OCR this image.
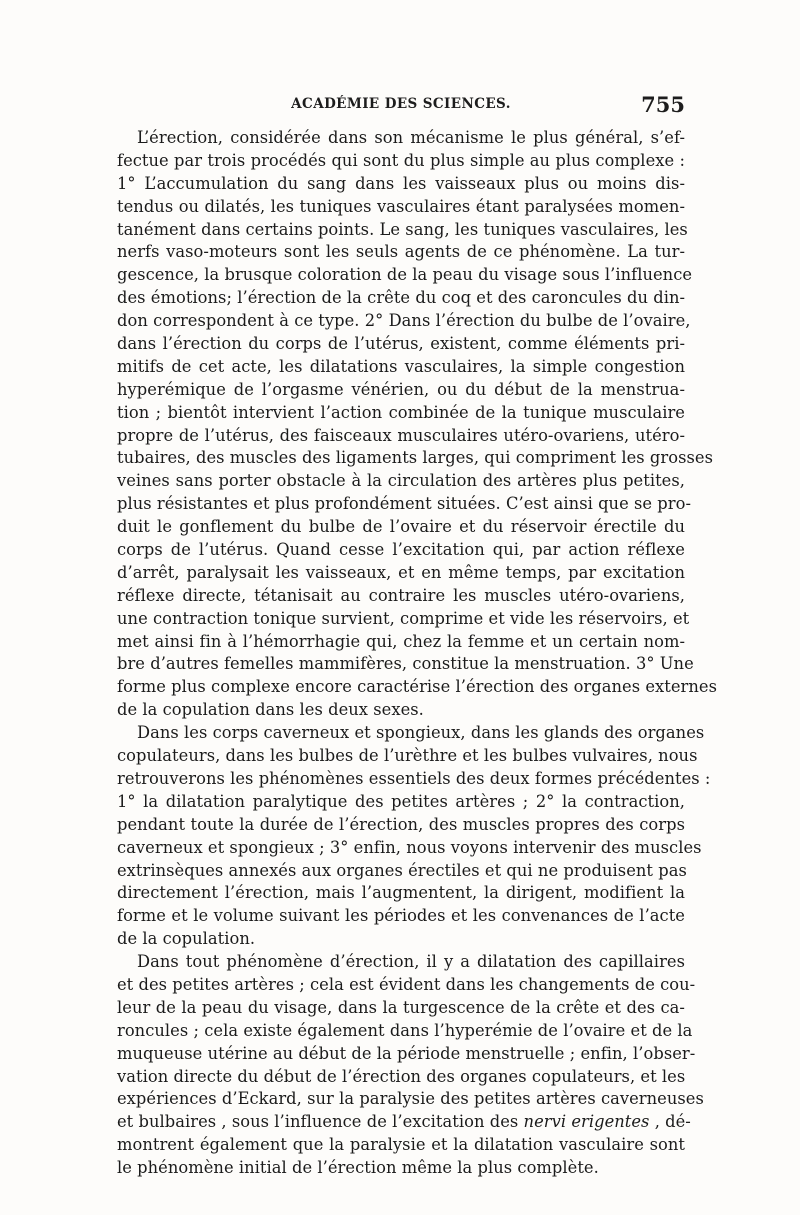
ACADÉMIE DES SCIENCES.	755
L’érection, considérée dans son mécanisme le plus général, s’ef-
fectue par trois procédés qui sont du plus simple au plus complexe :
1° L’accumulation du sang dans les vaisseaux plus ou moins dis-
tendus ou dilatés, les tuniques vasculaires étant paralysées momen-
tanément dans certains points. Le sang, les tuniques vasculaires, les
nerfs vaso-moteurs sont les seuls agents de ce phénomène. La tur-
gescence, la brusque coloration de la peau du visage sous l’influence
des émotions; l’érection de la crête du coq et des caroncules du din-
don correspondent à ce type. 2° Dans l’érection du bulbe de l’ovaire,
dans l’érection du corps de l’utérus, existent, comme éléments pri-
mitifs de cet acte, les dilatations vasculaires, la simple congestion
hyperémique de l’orgasme vénérien, ou du début de la menstrua-
tion ; bientôt intervient l’action combinée de la tunique musculaire
propre de l’utérus, des faisceaux musculaires utéro-ovariens, utéro-
tubaires, des muscles des ligaments larges, qui compriment les grosses
veines sans porter obstacle à la circulation des artères plus petites,
plus résistantes et plus profondément situées. C’est ainsi que se pro-
duit le gonflement du bulbe de l’ovaire et du réservoir érectile du
corps de l’utérus. Quand cesse l’excitation qui, par action réflexe
d’arrêt, paralysait les vaisseaux, et en même temps, par excitation
réflexe directe, tétanisait au contraire les muscles utéro-ovariens,
une contraction tonique survient, comprime et vide les réservoirs, et
met ainsi fin à l’hémorrhagie qui, chez la femme et un certain nom-
bre d’autres femelles mammifères, constitue la menstruation. 3° Une
forme plus complexe encore caractérise l’érection des organes externes
de la copulation dans les deux sexes.
Dans les corps caverneux et spongieux, dans les glands des organes
copulateurs, dans les bulbes de l’urèthre et les bulbes vulvaires, nous
retrouverons les phénomènes essentiels des deux formes précédentes :
1° la dilatation paralytique des petites artères ; 2° la contraction,
pendant toute la durée de l’érection, des muscles propres des corps
caverneux et spongieux ; 3° enfin, nous voyons intervenir des muscles
extrinsèques annexés aux organes érectiles et qui ne produisent pas
directement l’érection, mais l’augmentent, la dirigent, modifient la
forme et le volume suivant les périodes et les convenances de l’acte
de la copulation.
Dans tout phénomène d’érection, il y a dilatation des capillaires
et des petites artères ; cela est évident dans les changements de cou-
leur de la peau du visage, dans la turgescence de la crête et des ca-
roncules ; cela existe également dans l’hyperémie de l’ovaire et de la
muqueuse utérine au début de la période menstruelle ; enfin, l’obser-
vation directe du début de l’érection des organes copulateurs, et les
expériences d’Eckard, sur la paralysie des petites artères caverneuses
et bulbaires , sous l’influence de l’excitation des nervi erigentes , dé-
montrent également que la paralysie et la dilatation vasculaire sont
le phénomène initial de l’érection même la plus complète.
